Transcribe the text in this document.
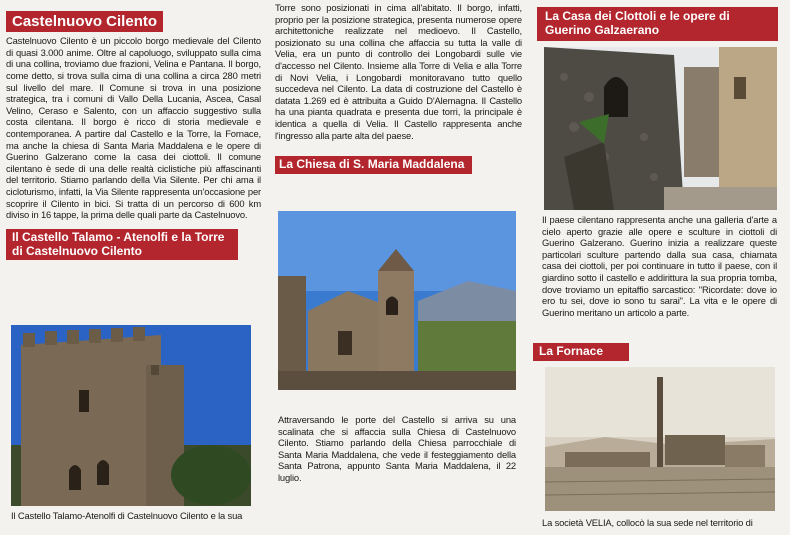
Castelnuovo Cilento

Castelnuovo Cilento è un piccolo borgo medievale del Cilento di quasi 3.000 anime. Oltre al capoluogo, sviluppato sulla cima di una collina, troviamo due frazioni, Velina e Pantana. Il borgo, come detto, si trova sulla cima di una collina a circa 280 metri sul livello del mare. Il Comune si trova in una posizione strategica, tra i comuni di Vallo Della Lucania, Ascea, Casal Velino, Ceraso e Salento, con un affaccio suggestivo sulla costa cilentana. Il borgo è ricco di storia medievale e contemporanea. A partire dal Castello e la Torre, la Fornace, ma anche la chiesa di Santa Maria Maddalena e le opere di Guerino Galzerano come la casa dei ciottoli. Il comune cilentano è sede di una delle realtà ciclistiche più affascinanti del territorio. Stiamo parlando della Via Silente. Per chi ama il cicloturismo, infatti, la Via Silente rappresenta un'occasione per scoprire il Cilento in bici. Si tratta di un percorso di 600 km diviso in 16 tappe, la prima delle quali parte da Castelnuovo.

Il Castello Talamo - Atenolfi e la Torre di Castelnuovo Cilento

Il Castello Talamo-Atenolfi di Castelnuovo Cilento e la sua

Torre sono posizionati in cima all'abitato. Il borgo, infatti, proprio per la posizione strategica, presenta numerose opere architettoniche realizzate nel medioevo. Il Castello, posizionato su una collina che affaccia su tutta la valle di Velia, era un punto di controllo dei Longobardi sulle vie d'accesso nel Cilento. Insieme alla Torre di Velia e alla Torre di Novi Velia, i Longobardi monitoravano tutto quello succedeva nel Cilento. La data di costruzione del Castello è datata 1.269 ed è attribuita a Guido D'Alemagna. Il Castello ha una pianta quadrata e presenta due torri, la principale è identica a quella di Velia. Il Castello rappresenta anche l'ingresso alla parte alta del paese.

La Chiesa di S. Maria Maddalena

Attraversando le porte del Castello si arriva su una scalinata che si affaccia sulla Chiesa di Castelnuovo Cilento. Stiamo parlando della Chiesa parrocchiale di Santa Maria Maddalena, che vede il festeggiamento della Santa Patrona, appunto Santa Maria Maddalena, il 22 luglio.

La Casa dei Clottoli e le opere di Guerino Galzaerano

Il paese cilentano rappresenta anche una galleria d'arte a cielo aperto grazie alle opere e sculture in ciottoli di Guerino Galzerano. Guerino inizia a realizzare queste particolari sculture partendo dalla sua casa, chiamata casa dei ciottoli, per poi continuare in tutto il paese, con il giardino sotto il castello e addirittura la sua propria tomba, dove troviamo un epitaffio sarcastico: "Ricordate: dove io ero tu sei, dove io sono tu sarai". La vita e le opere di Guerino meritano un articolo a parte.

La Fornace

La società VELIA, collocò la sua sede nel territorio di
